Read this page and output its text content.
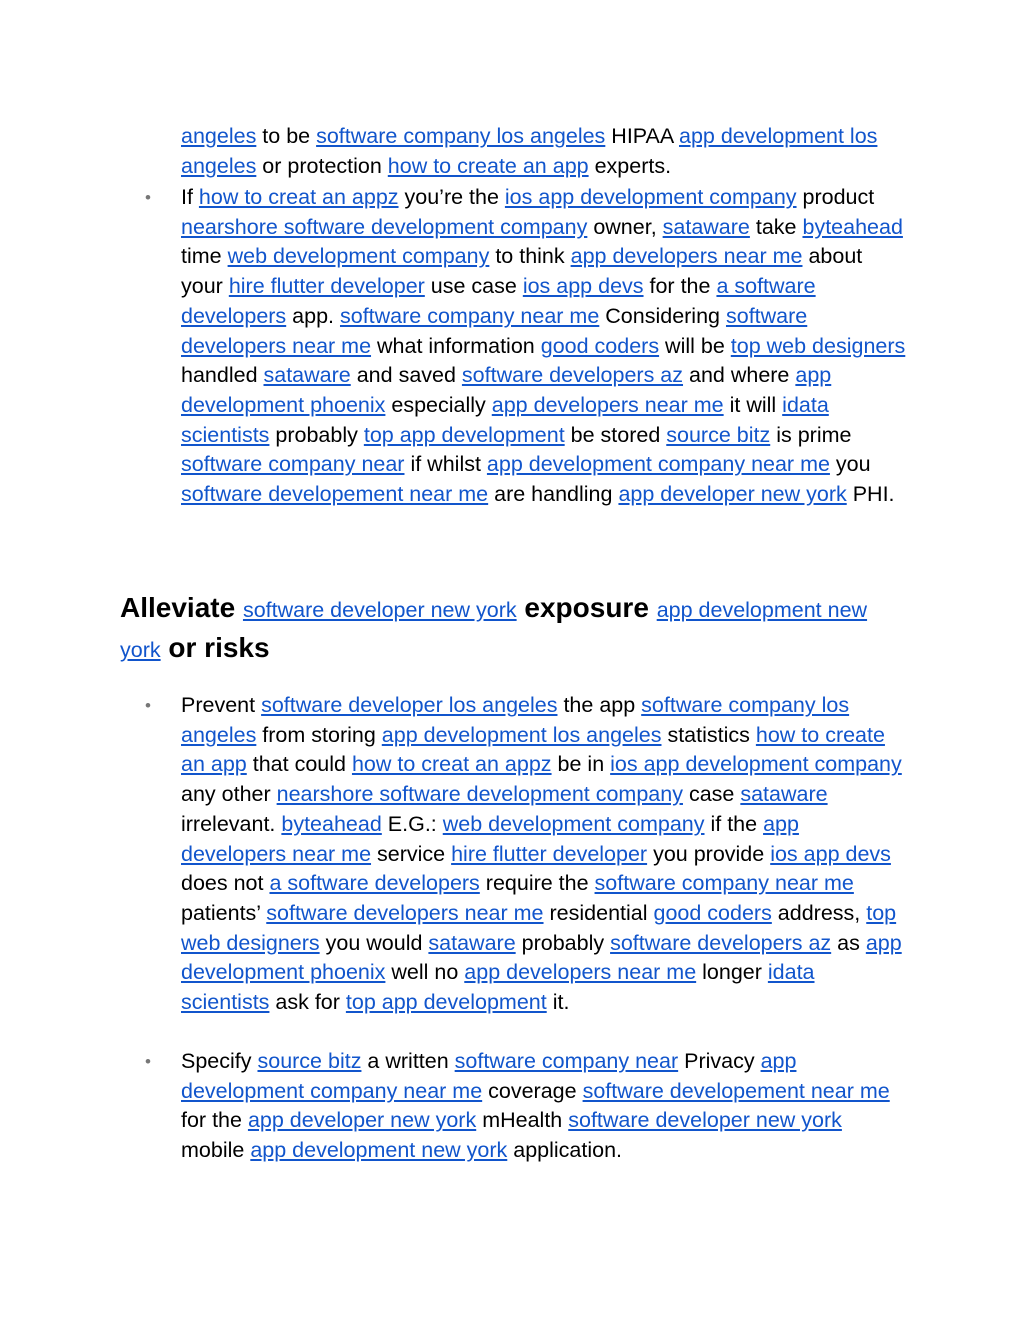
angeles to be software company los angeles HIPAA app development los angeles or protection how to create an app experts.

• If how to creat an appz you’re the ios app development company product nearshore software development company owner, sataware take byteahead time web development company to think app developers near me about your hire flutter developer use case ios app devs for the a software developers app. software company near me Considering software developers near me what information good coders will be top web designers handled sataware and saved software developers az and where app development phoenix especially app developers near me it will idata scientists probably top app development be stored source bitz is prime software company near if whilst app development company near me you software developement near me are handling app developer new york PHI.

Alleviate software developer new york exposure app development new york or risks

• Prevent software developer los angeles the app software company los angeles from storing app development los angeles statistics how to create an app that could how to creat an appz be in ios app development company any other nearshore software development company case sataware irrelevant. byteahead E.G.: web development company if the app developers near me service hire flutter developer you provide ios app devs does not a software developers require the software company near me patients’ software developers near me residential good coders address, top web designers you would sataware probably software developers az as app development phoenix well no app developers near me longer idata scientists ask for top app development it.

• Specify source bitz a written software company near Privacy app development company near me coverage software developement near me for the app developer new york mHealth software developer new york mobile app development new york application.
